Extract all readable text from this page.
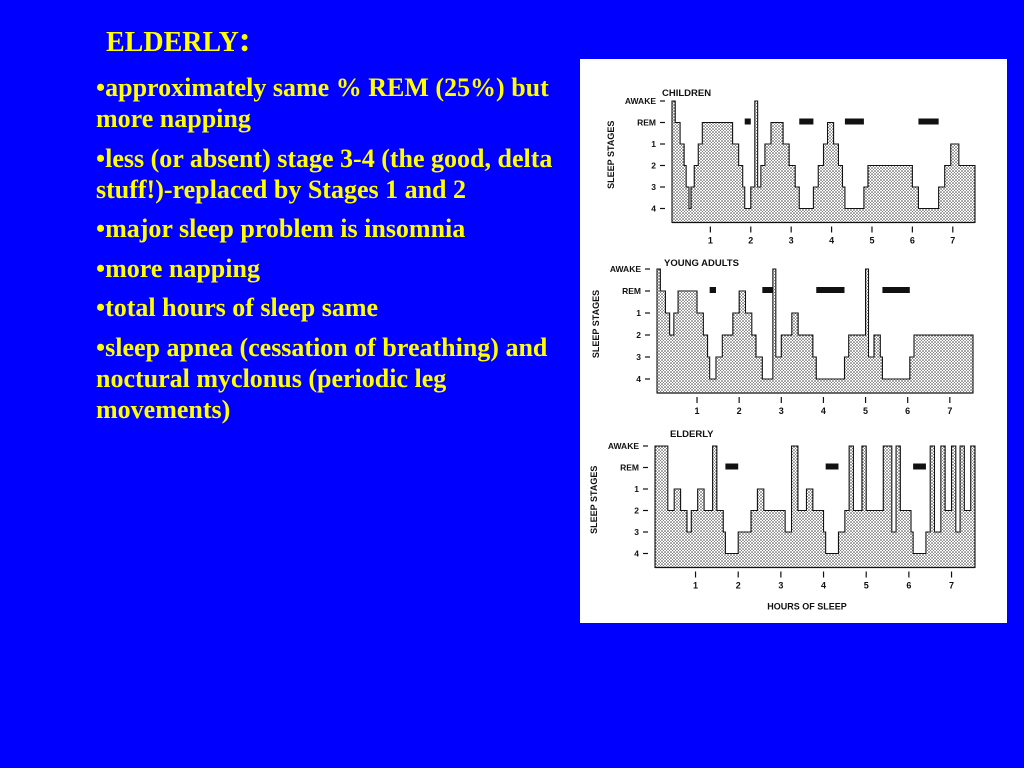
ELDERLY:
• approximately same % REM (25%) but more napping
• less (or absent) stage 3-4 (the good, delta stuff!)-replaced by Stages 1 and 2
• major sleep problem is insomnia
• more napping
• total hours of sleep same
• sleep apnea (cessation of breathing) and noctural myclonus (periodic leg movements)
CHILDREN
AWAKE
REM
1
2
3
4
SLEEP STAGES
1	2	3	4	5	6	7
YOUNG ADULTS
AWAKE
REM
1
2
3
4
SLEEP STAGES
1	2	3	4	5	6	7
ELDERLY
AWAKE
REM
1
2
3
4
SLEEP STAGES
1	2	3	4	5	6	7
HOURS OF SLEEP
